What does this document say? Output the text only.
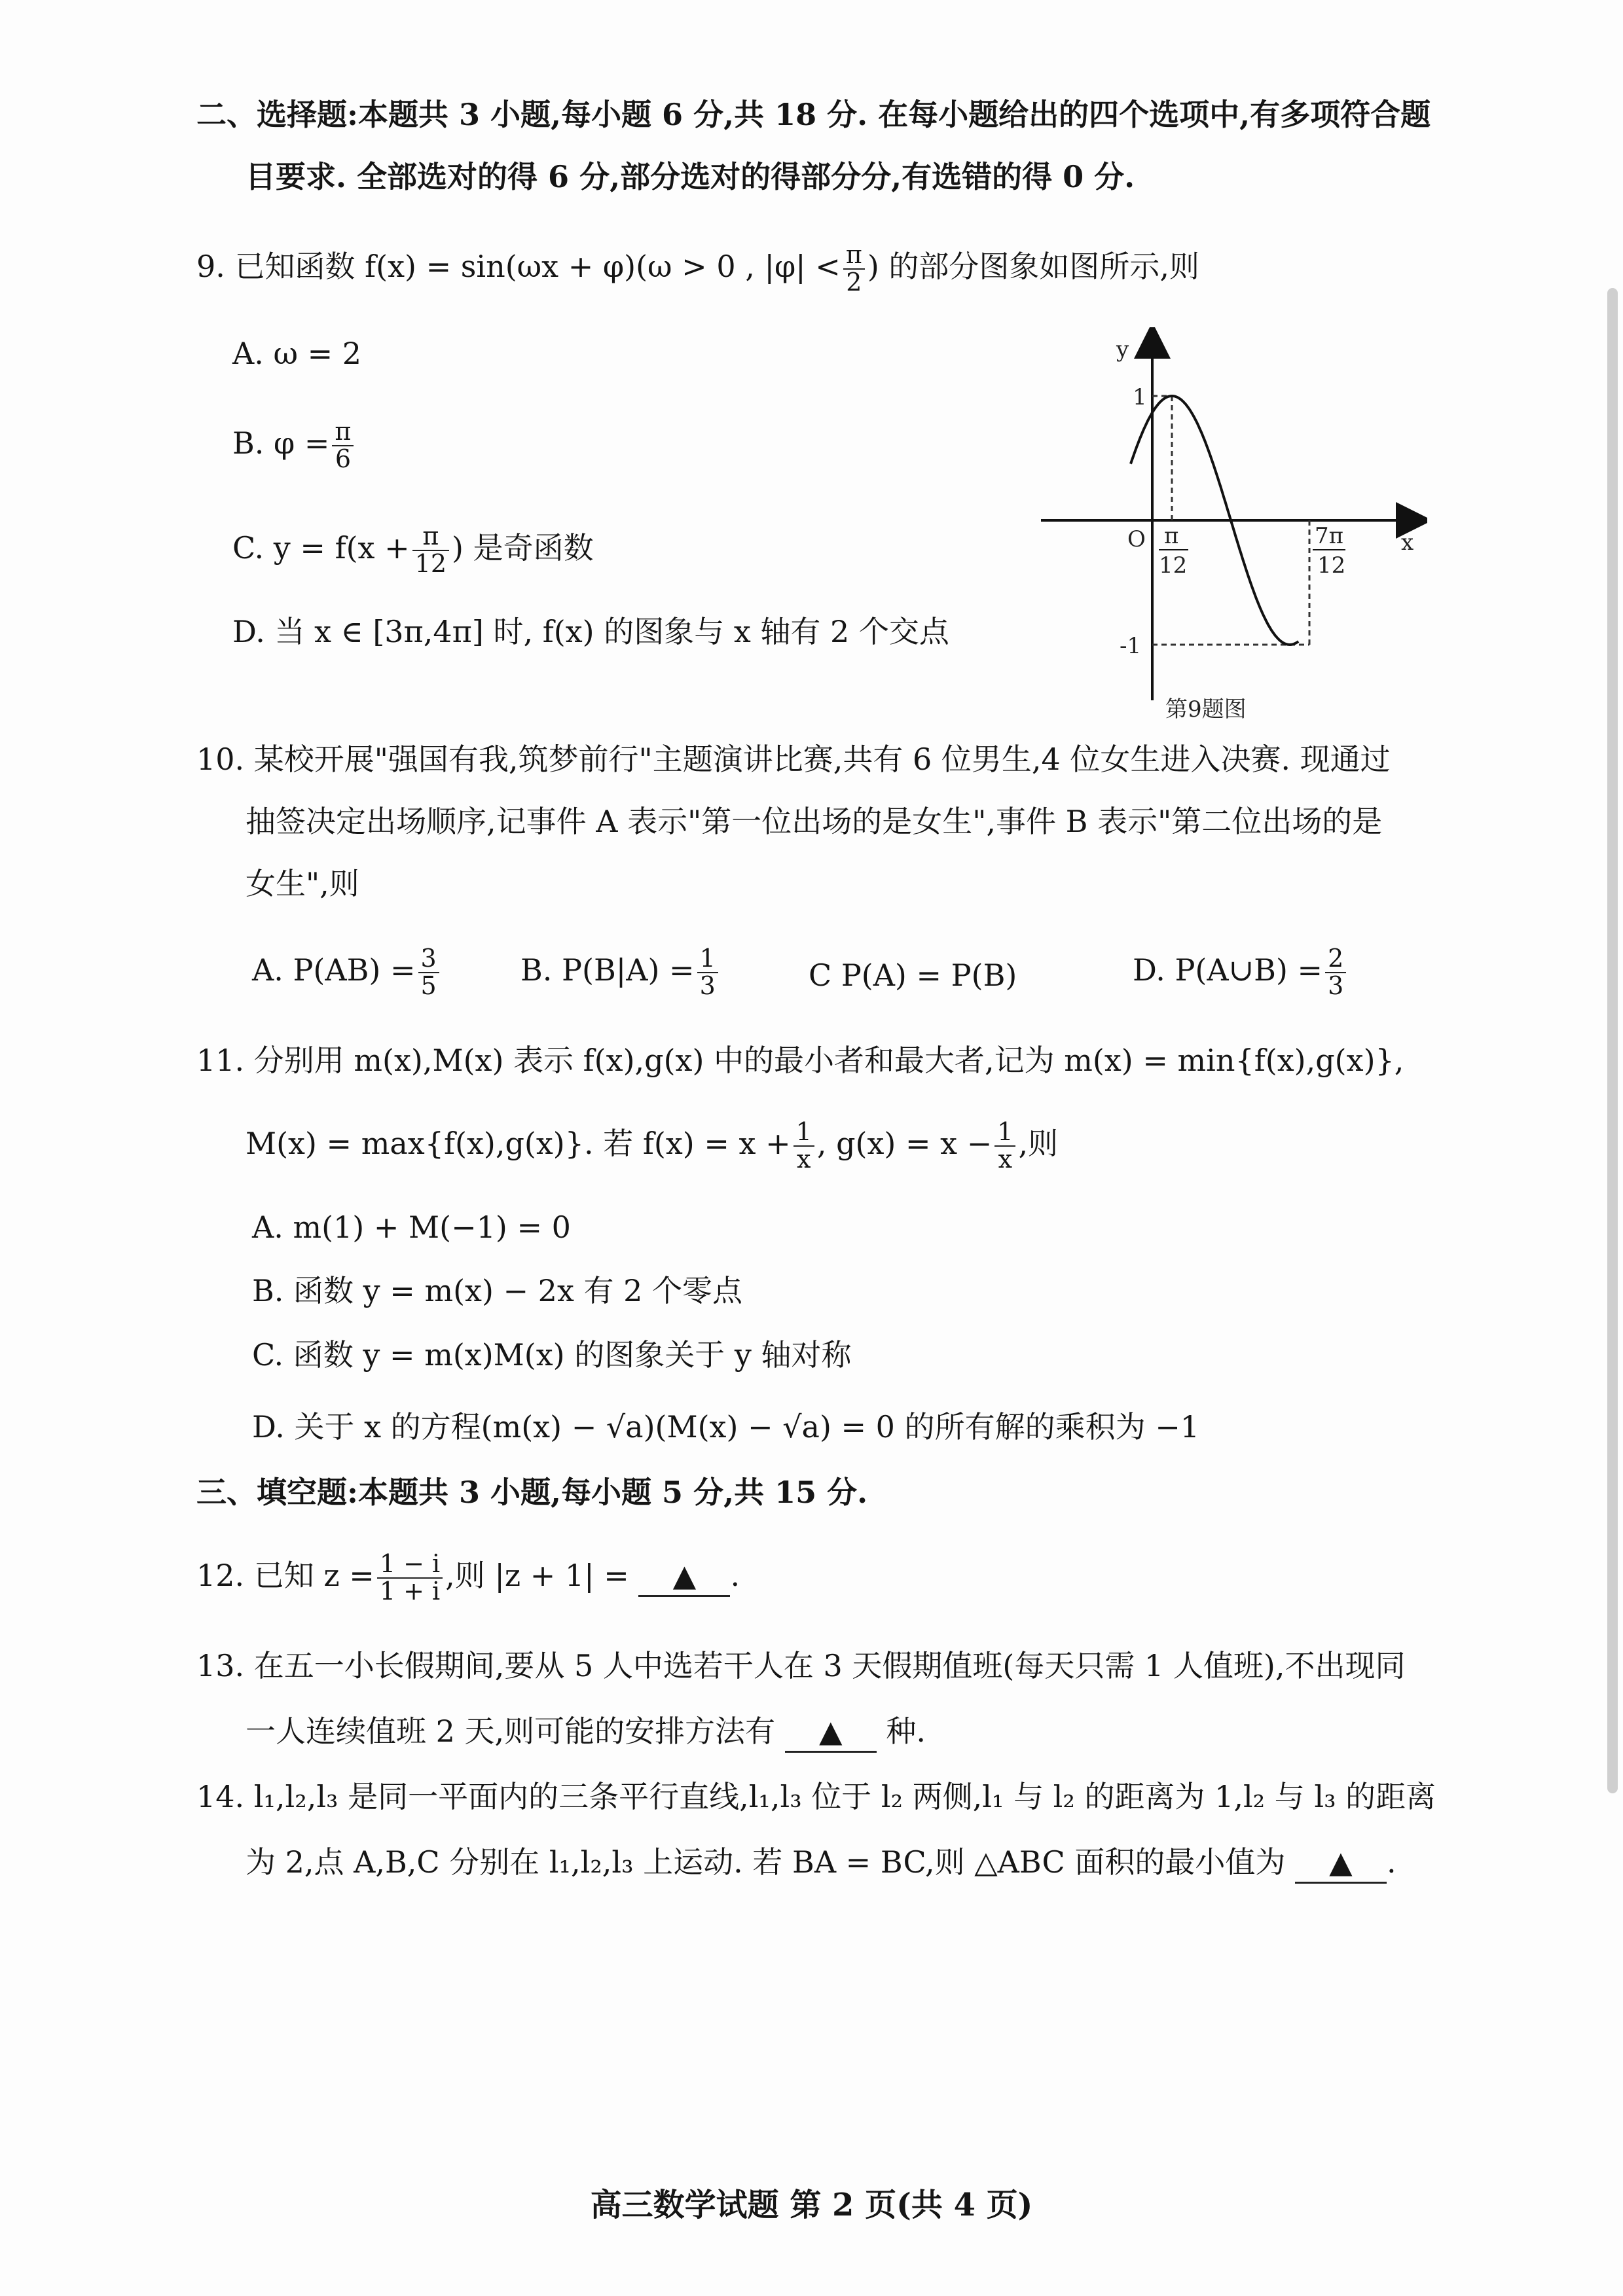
二、选择题:本题共 3 小题,每小题 6 分,共 18 分. 在每小题给出的四个选项中,有多项符合题
目要求. 全部选对的得 6 分,部分选对的得部分分,有选错的得 0 分.
9. 已知函数 f(x) = sin(ωx + φ)(ω > 0 , $|\varphi| < \frac{\pi}{2}$ ) 的部分图象如图所示,则
A. ω = 2
B. $\varphi = \frac{\pi}{6}$
C. $y = f(x + \frac{\pi}{12}$ ) 是奇函数
D. 当 x ∈ [3π,4π] 时, f(x) 的图象与 x 轴有 2 个交点
y
1
-1
O	x
π
12
7π
12
第9题图
10. 某校开展"强国有我,筑梦前行"主题演讲比赛,共有 6 位男生,4 位女生进入决赛. 现通过
抽签决定出场顺序,记事件 A 表示"第一位出场的是女生",事件 B 表示"第二位出场的是
女生",则
A. $P(AB) = \frac{3}{5}$	B. $P(B|A) = \frac{1}{3}$	C P(A) = P(B)	D. P(A∪B) = $\frac{2}{3}$
11. 分别用 m(x),M(x) 表示 f(x),g(x) 中的最小者和最大者,记为 m(x) = min{f(x),g(x)},
M(x) = max{f(x),g(x)}. 若 $f(x) = x + \frac{1}{x}$ , $g(x) = x - \frac{1}{x}$ ,则
A. m(1) + M(−1) = 0
B. 函数 y = m(x) − 2x 有 2 个零点
C. 函数 y = m(x)M(x) 的图象关于 y 轴对称
D. 关于 x 的方程(m(x) − √a)(M(x) − √a) = 0 的所有解的乘积为 −1
三、填空题:本题共 3 小题,每小题 5 分,共 15 分.
12. 已知 $z = \frac{1 - i}{1 + i}$ ,则 |z + 1| = ▲ .
13. 在五一小长假期间,要从 5 人中选若干人在 3 天假期值班(每天只需 1 人值班),不出现同
一人连续值班 2 天,则可能的安排方法有 ▲ 种.
14. l₁,l₂,l₃ 是同一平面内的三条平行直线,l₁,l₃ 位于 l₂ 两侧,l₁ 与 l₂ 的距离为 1,l₂ 与 l₃ 的距离
为 2,点 A,B,C 分别在 l₁,l₂,l₃ 上运动. 若 BA = BC,则 △ABC 面积的最小值为 ▲ .
高三数学试题 第 2 页(共 4 页)
